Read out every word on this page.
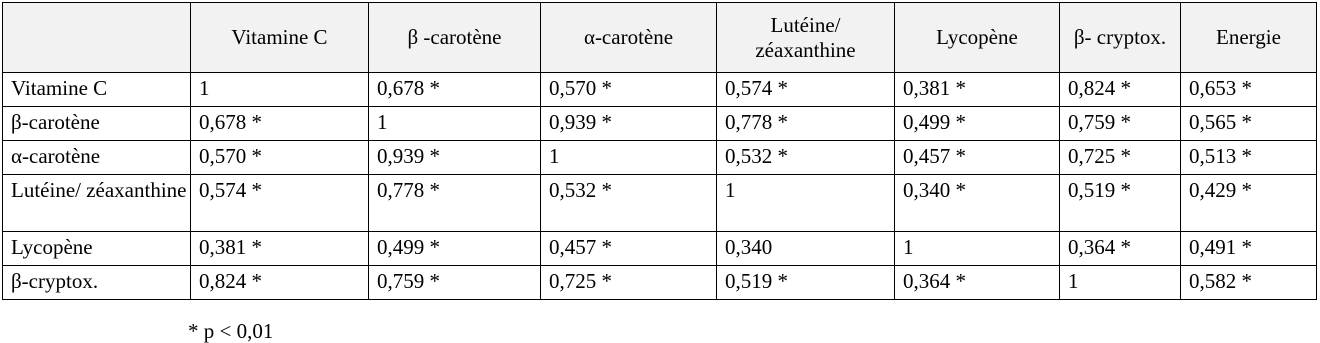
	Vitamine C	β -carotène	α-carotène	Lutéine/ zéaxanthine	Lycopène	β- cryptox.	Energie
Vitamine C	1	0,678 *	0,570 *	0,574 *	0,381 *	0,824 *	0,653 *
β-carotène	0,678 *	1	0,939 *	0,778 *	0,499 *	0,759 *	0,565 *
α-carotène	0,570 *	0,939 *	1	0,532 *	0,457 *	0,725 *	0,513 *
Lutéine/ zéaxanthine	0,574 *	0,778 *	0,532 *	1	0,340 *	0,519 *	0,429 *
Lycopène	0,381 *	0,499 *	0,457 *	0,340	1	0,364 *	0,491 *
β-cryptox.	0,824 *	0,759 *	0,725 *	0,519 *	0,364 *	1	0,582 *
* p < 0,01
